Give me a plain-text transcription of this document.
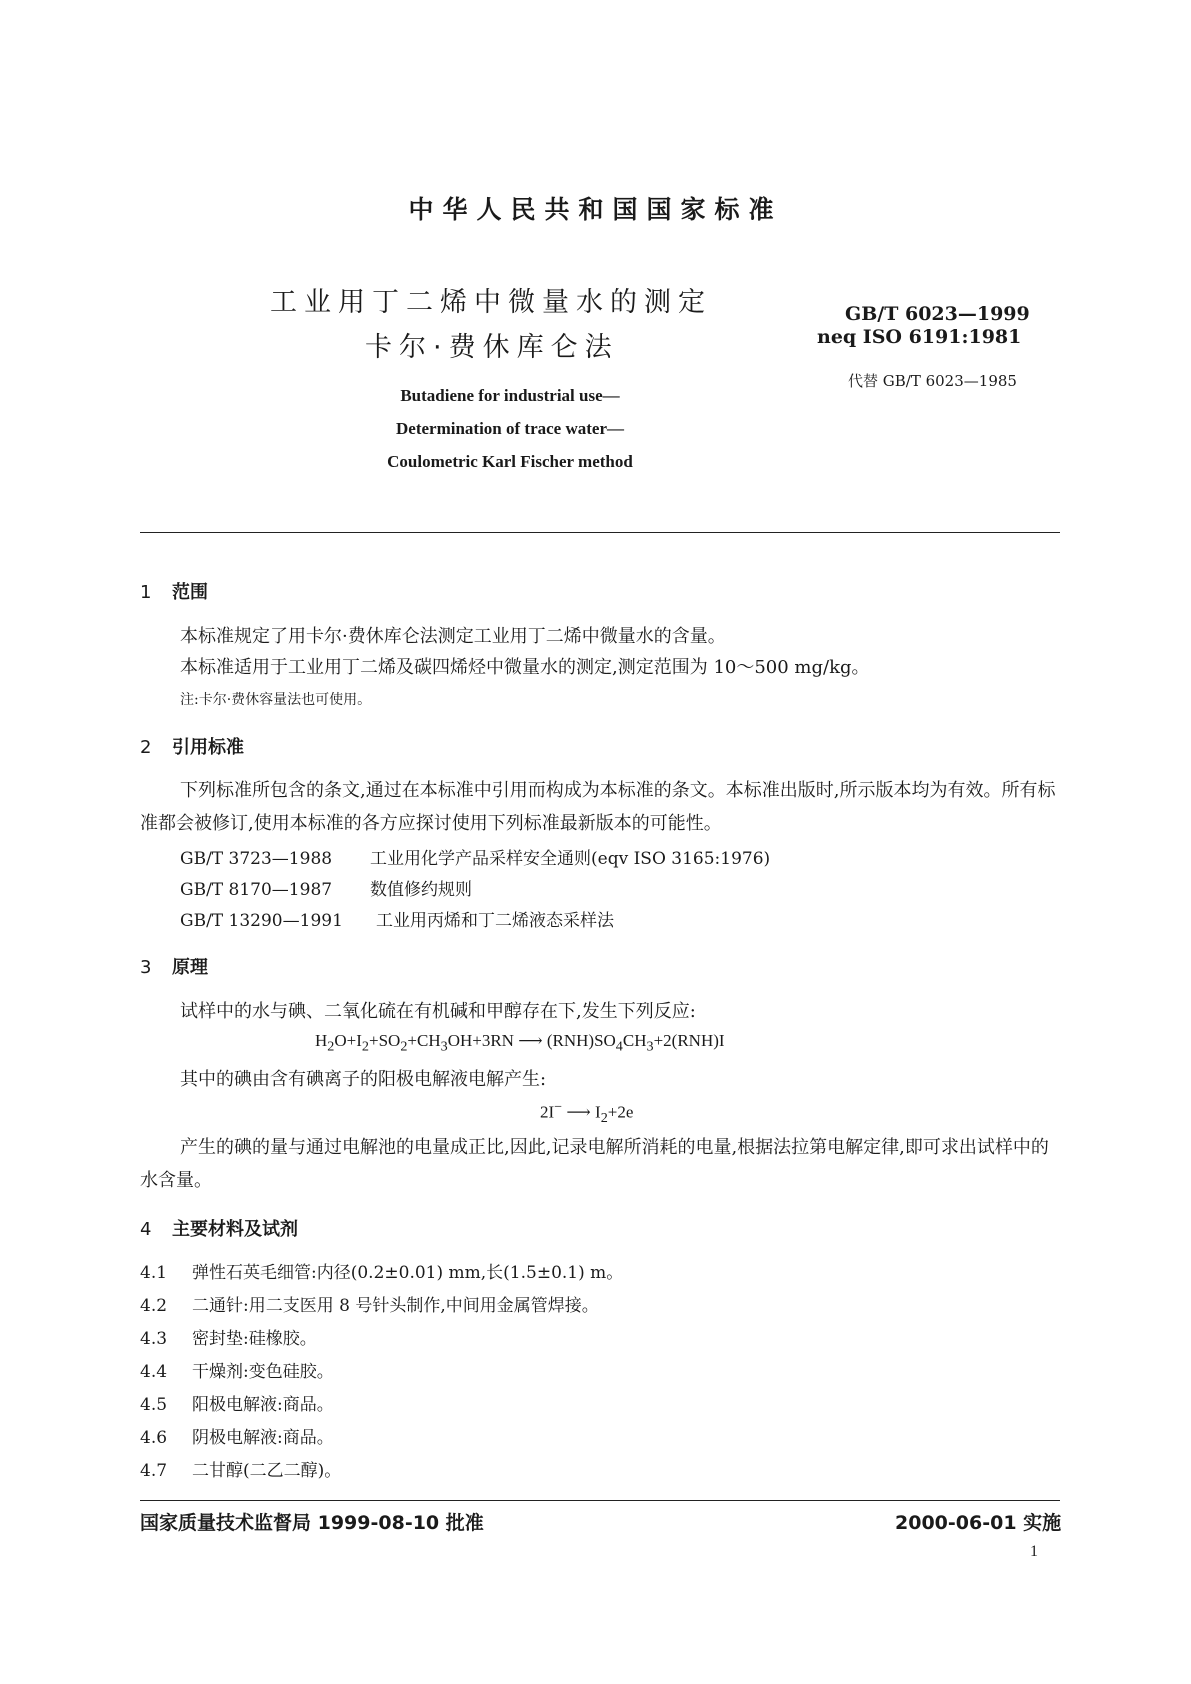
中华人民共和国国家标准
工业用丁二烯中微量水的测定
卡尔·费休库仑法
GB/T 6023—1999
neq ISO 6191:1981
代替 GB/T 6023—1985
Butadiene for industrial use—
Determination of trace water—
Coulometric Karl Fischer method
1 范围
本标准规定了用卡尔·费休库仑法测定工业用丁二烯中微量水的含量。
本标准适用于工业用丁二烯及碳四烯烃中微量水的测定,测定范围为 10～500 mg/kg。
注:卡尔·费休容量法也可使用。
2 引用标准
下列标准所包含的条文,通过在本标准中引用而构成为本标准的条文。本标准出版时,所示版本均为有效。所有标准都会被修订,使用本标准的各方应探讨使用下列标准最新版本的可能性。
GB/T 3723—1988 工业用化学产品采样安全通则(eqv ISO 3165:1976)
GB/T 8170—1987 数值修约规则
GB/T 13290—1991 工业用丙烯和丁二烯液态采样法
3 原理
试样中的水与碘、二氧化硫在有机碱和甲醇存在下,发生下列反应:
$H_2O+I_2+SO_2+CH_3OH+3RN$ ⟶ $(RNH)SO_4CH_3+2(RNH)I$
其中的碘由含有碘离子的阳极电解液电解产生:
2I− ⟶ $I_2+2e$
产生的碘的量与通过电解池的电量成正比,因此,记录电解所消耗的电量,根据法拉第电解定律,即可求出试样中的水含量。
4 主要材料及试剂
4.1 弹性石英毛细管:内径(0.2±0.01) mm,长(1.5±0.1) m。
4.2 二通针:用二支医用 8 号针头制作,中间用金属管焊接。
4.3 密封垫:硅橡胶。
4.4 干燥剂:变色硅胶。
4.5 阳极电解液:商品。
4.6 阴极电解液:商品。
4.7 二甘醇(二乙二醇)。
国家质量技术监督局 1999-08-10 批准	2000-06-01 实施
1
